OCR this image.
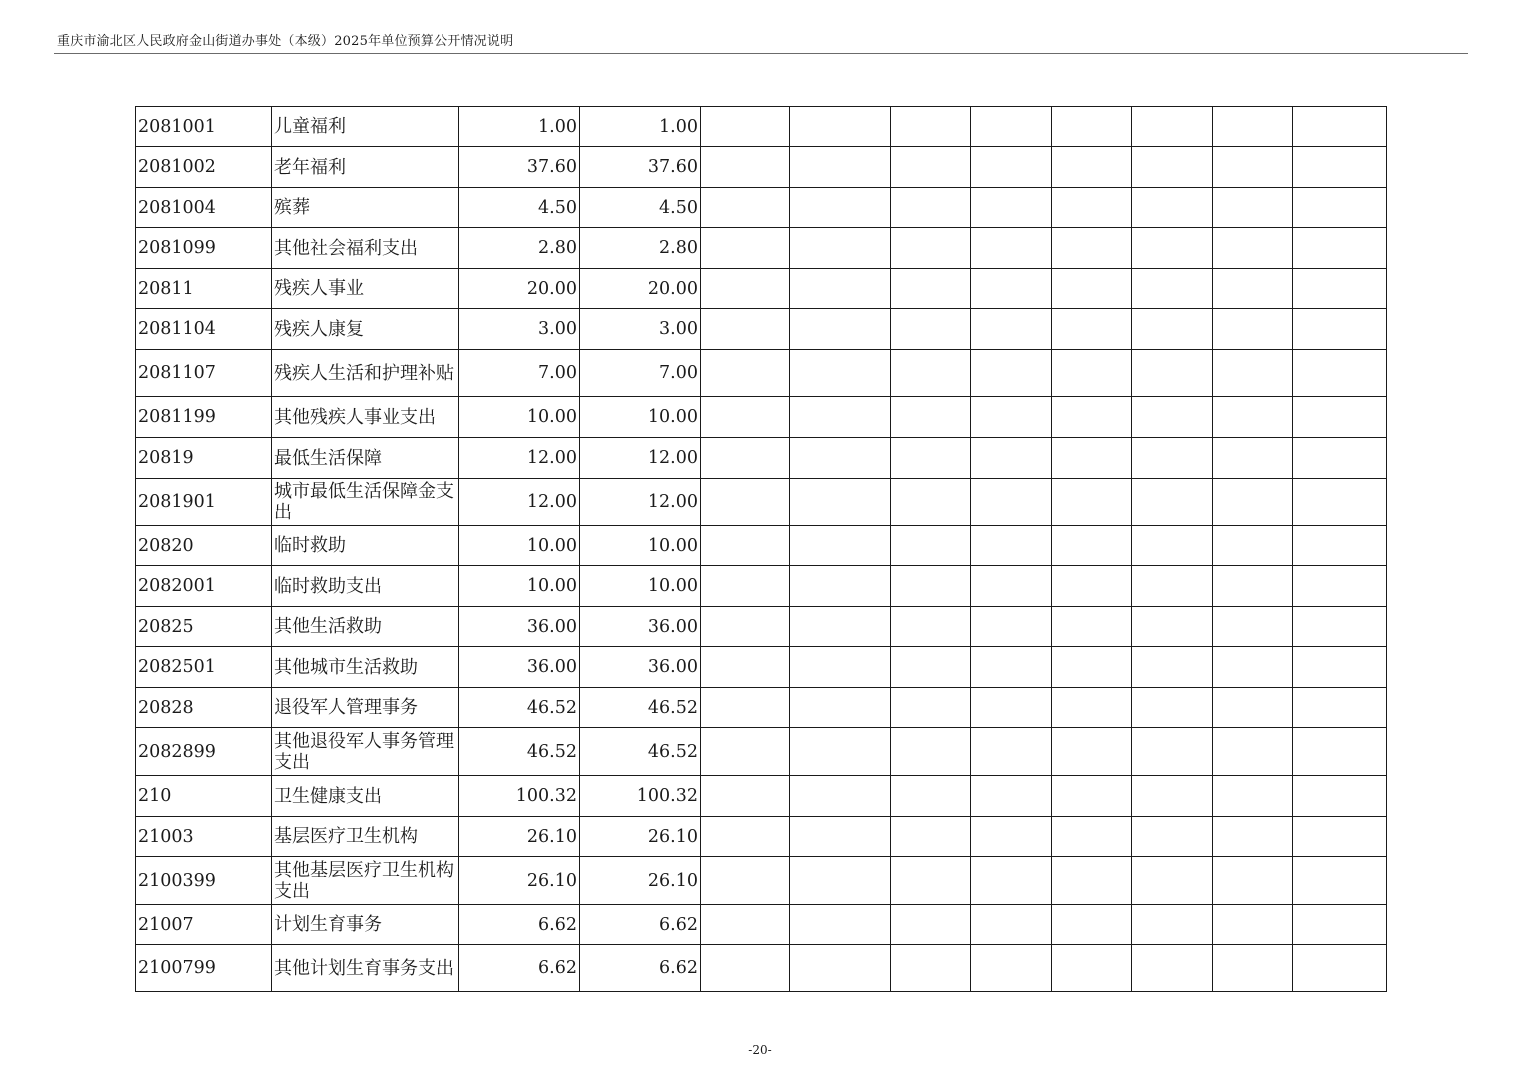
重庆市渝北区人民政府金山街道办事处（本级）2025年单位预算公开情况说明
2081001	儿童福利	1.00	1.00								
2081002	老年福利	37.60	37.60								
2081004	殡葬	4.50	4.50								
2081099	其他社会福利支出	2.80	2.80								
20811	残疾人事业	20.00	20.00								
2081104	残疾人康复	3.00	3.00								
2081107	残疾人生活和护理补贴	7.00	7.00								
2081199	其他残疾人事业支出	10.00	10.00								
20819	最低生活保障	12.00	12.00								
2081901	城市最低生活保障金支出	12.00	12.00								
20820	临时救助	10.00	10.00								
2082001	临时救助支出	10.00	10.00								
20825	其他生活救助	36.00	36.00								
2082501	其他城市生活救助	36.00	36.00								
20828	退役军人管理事务	46.52	46.52								
2082899	其他退役军人事务管理支出	46.52	46.52								
210	卫生健康支出	100.32	100.32								
21003	基层医疗卫生机构	26.10	26.10								
2100399	其他基层医疗卫生机构支出	26.10	26.10								
21007	计划生育事务	6.62	6.62								
2100799	其他计划生育事务支出	6.62	6.62								
-20-
